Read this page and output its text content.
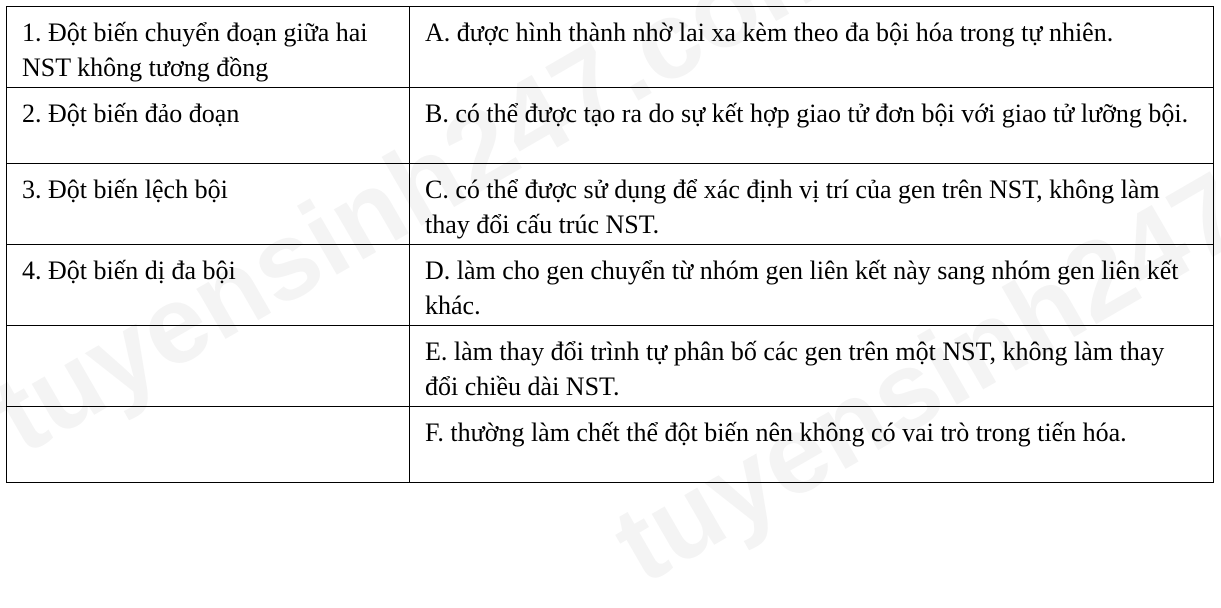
1. Đột biến chuyển đoạn giữa hai NST không tương đồng	A. được hình thành nhờ lai xa kèm theo đa bội hóa trong tự nhiên.
2. Đột biến đảo đoạn	B. có thể được tạo ra do sự kết hợp giao tử đơn bội với giao tử lưỡng bội.
3. Đột biến lệch bội	C. có thể được sử dụng để xác định vị trí của gen trên NST, không làm thay đổi cấu trúc NST.
4. Đột biến dị đa bội	D. làm cho gen chuyển từ nhóm gen liên kết này sang nhóm gen liên kết khác.
	E. làm thay đổi trình tự phân bố các gen trên một NST, không làm thay đổi chiều dài NST.
	F. thường làm chết thể đột biến nên không có vai trò trong tiến hóa.
